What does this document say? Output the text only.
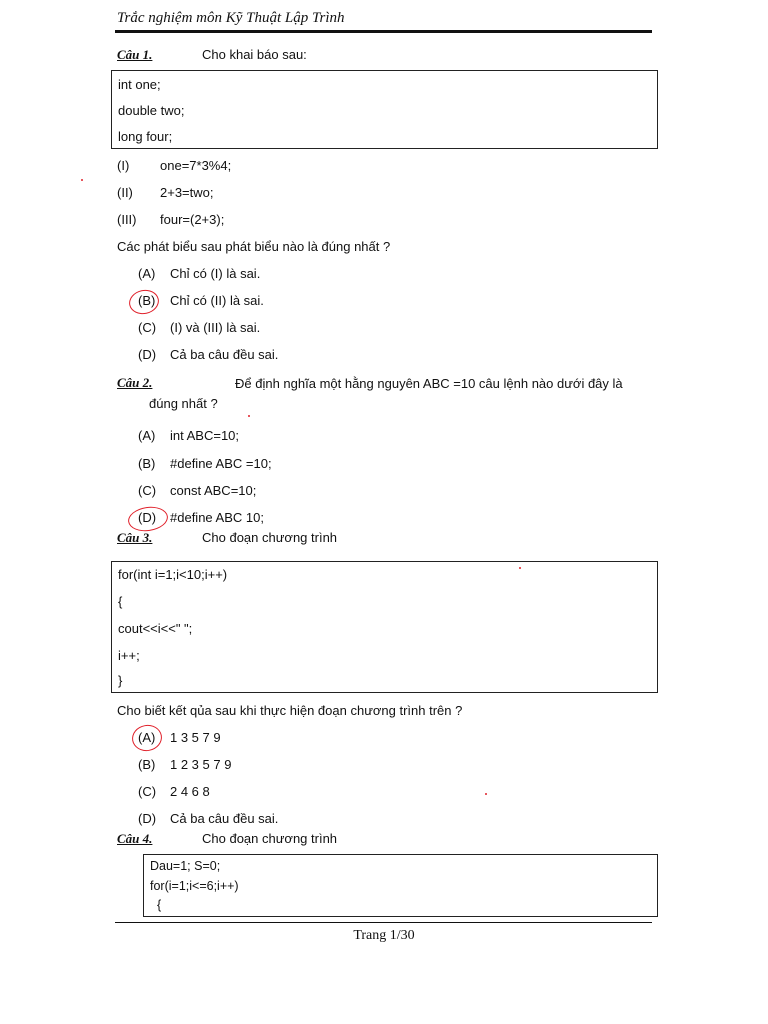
Trắc nghiệm môn Kỹ Thuật Lập Trình
Câu 1.	Cho khai báo sau:
int one;
double two;
long four;
(I) one=7*3%4;
(II) 2+3=two;
(III) four=(2+3);
Các phát biểu sau phát biểu nào là đúng nhất ?
(A) Chỉ có (I) là sai.
(B) Chỉ có (II) là sai.
(C) (I) và (III) là sai.
(D) Cả ba câu đều sai.
Câu 2.	Để định nghĩa một hằng nguyên ABC =10 câu lệnh nào dưới đây là đúng nhất ?
(A) int ABC=10;
(B) #define ABC =10;
(C) const ABC=10;
(D) #define ABC 10;
Câu 3.	Cho đoạn chương trình
for(int i=1;i<10;i++)
{
cout<<i<<" ";
i++;
}
Cho biết kết qủa sau khi thực hiện đoạn chương trình trên ?
(A) 1 3 5 7 9
(B) 1 2 3 5 7 9
(C) 2 4 6 8
(D) Cả ba câu đều sai.
Câu 4.	Cho đoạn chương trình
Dau=1; S=0;
for(i=1;i<=6;i++)
{
Trang 1/30
